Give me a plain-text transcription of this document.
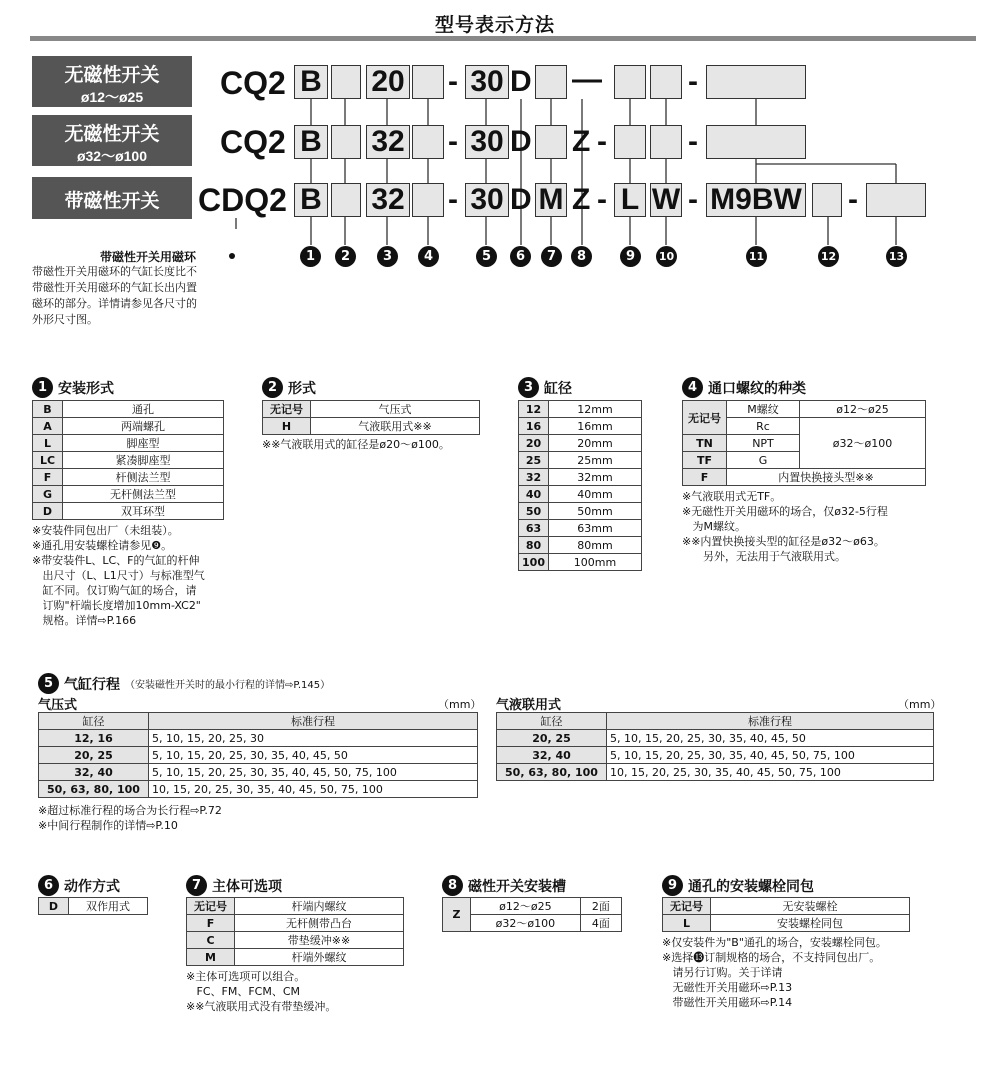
型号表示方法
无磁性开关
ø12～ø25
无磁性开关
ø32～ø100
带磁性开关
CQ2
CQ2
CDQ2
B 20 - 30 D —	-
B 32 - 30 D Z -	-
B 32 - 30 D M Z - L W - M9BW -
1	2	3	4	5	6	7	8	9	10	11	12	13
带磁性开关用磁环
带磁性开关用磁环的气缸长度比不
带磁性开关用磁环的气缸长出内置
磁环的部分。详情请参见各尺寸的
外形尺寸图。
1 安装形式
B	通孔
A	两端螺孔
L	脚座型
LC	紧凑脚座型
F	杆侧法兰型
G	无杆侧法兰型
D	双耳环型
※安装件同包出厂（未组装）。
※通孔用安装螺栓请参见❾。
※带安装件L、LC、F的气缸的杆伸
出尺寸（L、L1尺寸）与标准型气
缸不同。仅订购气缸的场合，请
订购"杆端长度增加10mm-XC2"
规格。详情⇨P.166
2 形式
无记号	气压式
H	气液联用式※※
※※气液联用式的缸径是ø20～ø100。
3 缸径
12	12mm
16	16mm
20	20mm
25	25mm
32	32mm
40	40mm
50	50mm
63	63mm
80	80mm
100	100mm
4 通口螺纹的种类
无记号	M螺纹	ø12～ø25
	Rc	ø32～ø100
TN	NPT	
TF	G	
F	内置快换接头型※※	
※气液联用式无TF。
※无磁性开关用磁环的场合，仅ø32-5行程
为M螺纹。
※※内置快换接头型的缸径是ø32～ø63。
另外，无法用于气液联用式。
5 气缸行程 （安装磁性开关时的最小行程的详情⇨P.145）
气压式	（mm）
缸径	标准行程
12, 16	5, 10, 15, 20, 25, 30
20, 25	5, 10, 15, 20, 25, 30, 35, 40, 45, 50
32, 40	5, 10, 15, 20, 25, 30, 35, 40, 45, 50, 75, 100
50, 63, 80, 100	10, 15, 20, 25, 30, 35, 40, 45, 50, 75, 100
※超过标准行程的场合为长行程⇨P.72
※中间行程制作的详情⇨P.10
气液联用式	（mm）
缸径	标准行程
20, 25	5, 10, 15, 20, 25, 30, 35, 40, 45, 50
32, 40	5, 10, 15, 20, 25, 30, 35, 40, 45, 50, 75, 100
50, 63, 80, 100	10, 15, 20, 25, 30, 35, 40, 45, 50, 75, 100
6 动作方式
D	双作用式
7 主体可选项
无记号	杆端内螺纹
F	无杆侧带凸台
C	带垫缓冲※※
M	杆端外螺纹
※主体可选项可以组合。
FC、FM、FCM、CM
※※气液联用式没有带垫缓冲。
8 磁性开关安装槽
Z	ø12～ø25	2面
	ø32～ø100	4面
9 通孔的安装螺栓同包
无记号	无安装螺栓
L	安装螺栓同包
※仅安装件为"B"通孔的场合，安装螺栓同包。
※选择⓭订制规格的场合，不支持同包出厂。
请另行订购。关于详请
无磁性开关用磁环⇨P.13
带磁性开关用磁环⇨P.14
